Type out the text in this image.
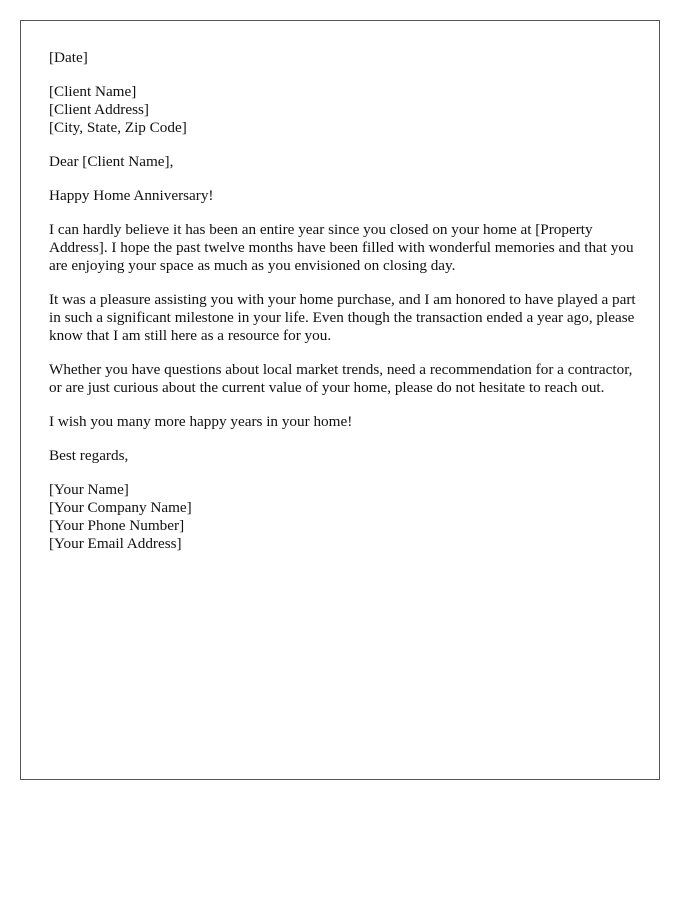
[Date]
[Client Name]
[Client Address]
[City, State, Zip Code]

Dear [Client Name],

Happy Home Anniversary!

I can hardly believe it has been an entire year since you closed on your home at [Property Address]. I hope the past twelve months have been filled with wonderful memories and that you are enjoying your space as much as you envisioned on closing day.

It was a pleasure assisting you with your home purchase, and I am honored to have played a part in such a significant milestone in your life. Even though the transaction ended a year ago, please know that I am still here as a resource for you.

Whether you have questions about local market trends, need a recommendation for a contractor, or are just curious about the current value of your home, please do not hesitate to reach out.

I wish you many more happy years in your home!

Best regards,

[Your Name]
[Your Company Name]
[Your Phone Number]
[Your Email Address]
